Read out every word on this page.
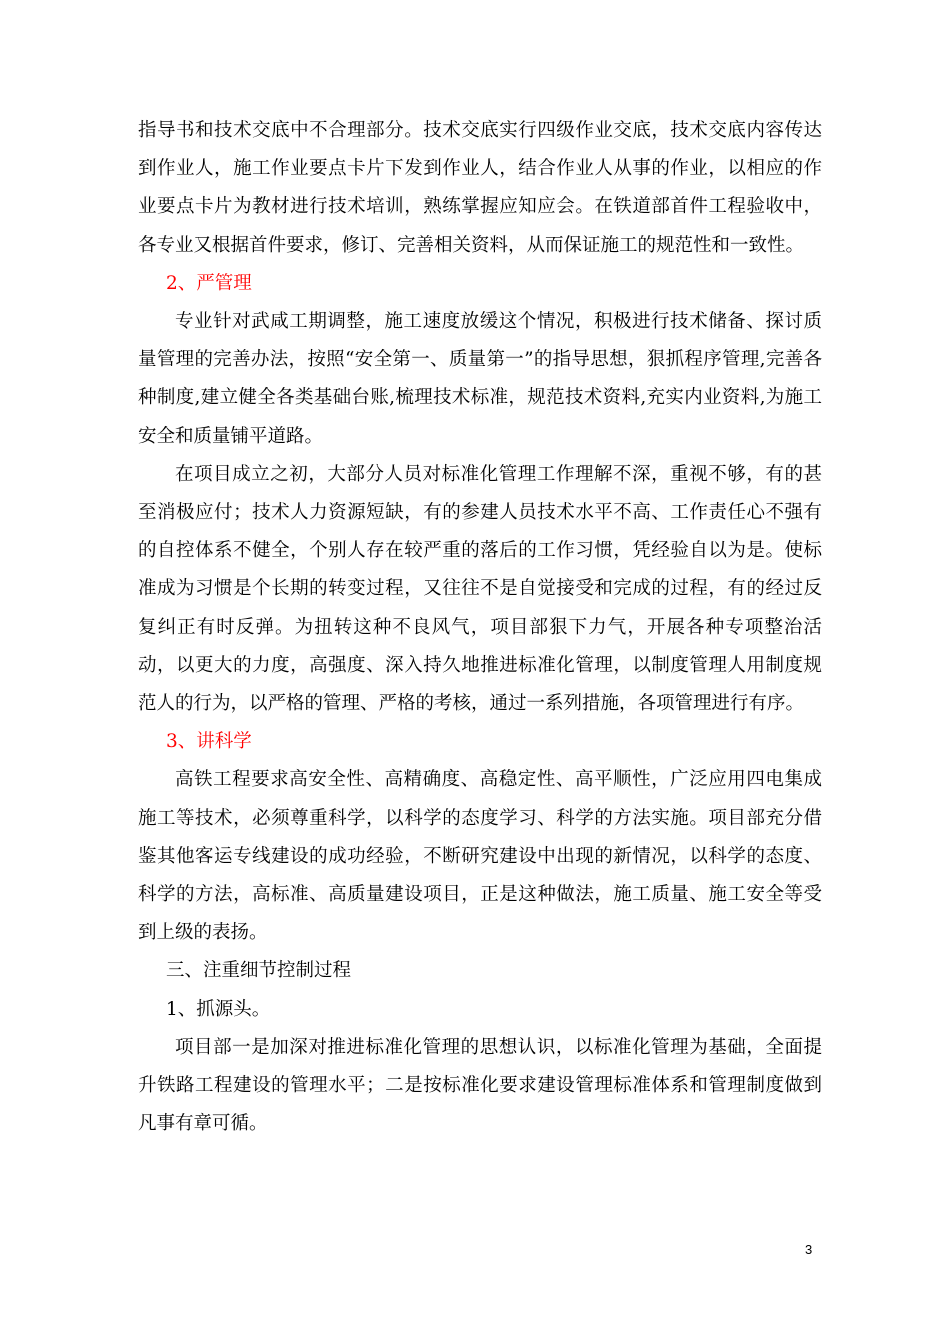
指导书和技术交底中不合理部分。技术交底实行四级作业交底，技术交底内容传达到作业人，施工作业要点卡片下发到作业人，结合作业人从事的作业，以相应的作业要点卡片为教材进行技术培训，熟练掌握应知应会。在铁道部首件工程验收中，各专业又根据首件要求，修订、完善相关资料，从而保证施工的规范性和一致性。

2、严管理

专业针对武咸工期调整，施工速度放缓这个情况，积极进行技术储备、探讨质量管理的完善办法，按照“安全第一、质量第一”的指导思想，狠抓程序管理,完善各种制度,建立健全各类基础台账,梳理技术标准，规范技术资料,充实内业资料,为施工安全和质量铺平道路。

在项目成立之初，大部分人员对标准化管理工作理解不深，重视不够，有的甚至消极应付；技术人力资源短缺，有的参建人员技术水平不高、工作责任心不强有的自控体系不健全，个别人存在较严重的落后的工作习惯，凭经验自以为是。使标准成为习惯是个长期的转变过程，又往往不是自觉接受和完成的过程，有的经过反复纠正有时反弹。为扭转这种不良风气，项目部狠下力气，开展各种专项整治活动，以更大的力度，高强度、深入持久地推进标准化管理，以制度管理人用制度规范人的行为，以严格的管理、严格的考核，通过一系列措施，各项管理进行有序。

3、讲科学

高铁工程要求高安全性、高精确度、高稳定性、高平顺性，广泛应用四电集成施工等技术，必须尊重科学，以科学的态度学习、科学的方法实施。项目部充分借鉴其他客运专线建设的成功经验，不断研究建设中出现的新情况，以科学的态度、科学的方法，高标准、高质量建设项目，正是这种做法，施工质量、施工安全等受到上级的表扬。

三、注重细节控制过程

1、抓源头。

项目部一是加深对推进标准化管理的思想认识，以标准化管理为基础，全面提升铁路工程建设的管理水平；二是按标准化要求建设管理标准体系和管理制度做到凡事有章可循。

3
